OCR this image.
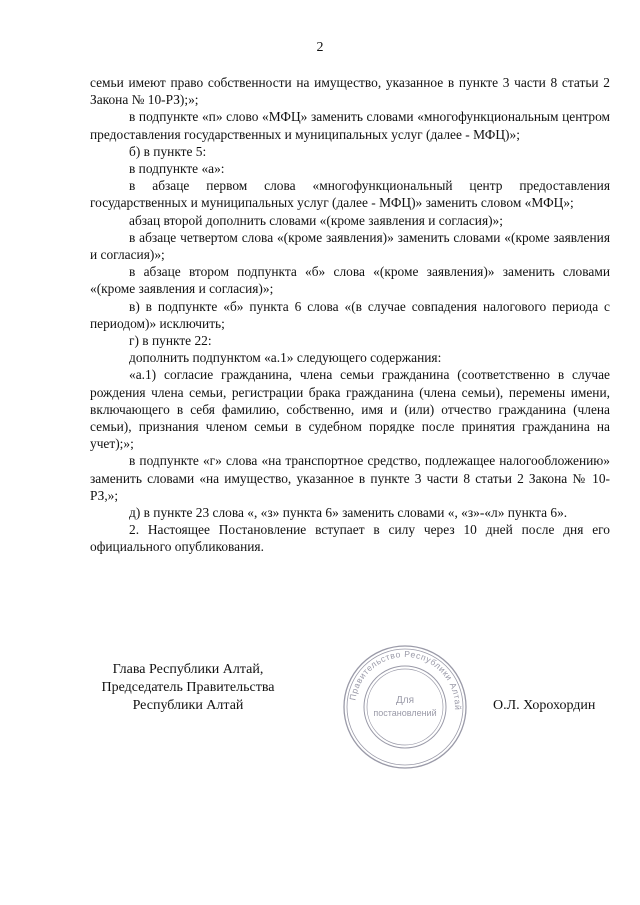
2

семьи имеют право собственности на имущество, указанное в пункте 3 части 8 статьи 2 Закона № 10-РЗ);»;

в подпункте «п» слово «МФЦ» заменить словами «многофункциональным центром предоставления государственных и муниципальных услуг (далее - МФЦ)»;

б) в пункте 5:

в подпункте «а»:

в абзаце первом слова «многофункциональный центр предоставления государственных и муниципальных услуг (далее - МФЦ)» заменить словом «МФЦ»;

абзац второй дополнить словами «(кроме заявления и согласия)»;

в абзаце четвертом слова «(кроме заявления)» заменить словами «(кроме заявления и согласия)»;

в абзаце втором подпункта «б» слова «(кроме заявления)» заменить словами «(кроме заявления и согласия)»;

в) в подпункте «б» пункта 6 слова «(в случае совпадения налогового периода с периодом)» исключить;

г) в пункте 22:

дополнить подпунктом «а.1» следующего содержания:

«а.1) согласие гражданина, члена семьи гражданина (соответственно в случае рождения члена семьи, регистрации брака гражданина (члена семьи), перемены имени, включающего в себя фамилию, собственно, имя и (или) отчество гражданина (члена семьи), признания членом семьи в судебном порядке после принятия гражданина на учет);»;

в подпункте «г» слова «на транспортное средство, подлежащее налогообложению» заменить словами «на имущество, указанное в пункте 3 части 8 статьи 2 Закона № 10-РЗ,»;

д) в пункте 23 слова «, «з» пункта 6» заменить словами «, «з»-«л» пункта 6».

2. Настоящее Постановление вступает в силу через 10 дней после дня его официального опубликования.

Глава Республики Алтай,
Председатель Правительства
Республики Алтай
Правительство Республики Алтай
Для
постановлений	О.Л. Хорохордин
